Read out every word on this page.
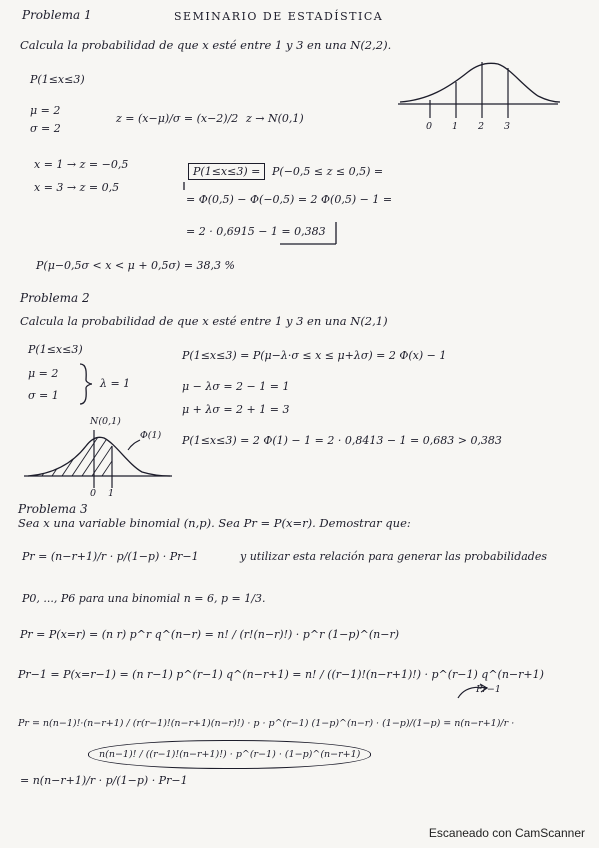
Problema 1	SEMINARIO DE ESTADÍSTICA
Calcula la probabilidad de que x esté entre 1 y 3 en una N(2,2).
P(1≤x≤3)
μ = 2
σ = 2
z = (x−μ)/σ = (x−2)/2 z → N(0,1)
0 1 2 3
x = 1 → z = −0,5
x = 3 → z = 0,5
P(1≤x≤3) =	P(−0,5 ≤ z ≤ 0,5) =
= Φ(0,5) − Φ(−0,5) = 2 Φ(0,5) − 1 =
= 2 · 0,6915 − 1 = 0,383
P(μ−0,5σ < x < μ + 0,5σ) = 38,3 %
Problema 2
Calcula la probabilidad de que x esté entre 1 y 3 en una N(2,1)
P(1≤x≤3)
μ = 2
σ = 1
λ = 1
P(1≤x≤3) = P(μ−λ·σ ≤ x ≤ μ+λσ) = 2 Φ(x) − 1
μ − λσ = 2 − 1 = 1
μ + λσ = 2 + 1 = 3
P(1≤x≤3) = 2 Φ(1) − 1 = 2 · 0,8413 − 1 = 0,683 > 0,383
N(0,1)
Φ(1)
0 1
Problema 3
Sea x una variable binomial (n,p). Sea Pr = P(x=r). Demostrar que:
Pr = (n−r+1)/r · p/(1−p) · Pr−1	y utilizar esta relación para generar las probabilidades
P0, ..., P6 para una binomial n = 6, p = 1/3.
Pr = P(x=r) = (n r) p^r q^(n−r) = n! / (r!(n−r)!) · p^r (1−p)^(n−r)
Pr−1 = P(x=r−1) = (n r−1) p^(r−1) q^(n−r+1) = n! / ((r−1)!(n−r+1)!) · p^(r−1) q^(n−r+1)
Pr−1
Pr = n(n−1)!·(n−r+1) / (r(r−1)!(n−r+1)(n−r)!) · p · p^(r−1) (1−p)^(n−r) · (1−p)/(1−p) = n(n−r+1)/r ·
n(n−1)! / ((r−1)!(n−r+1)!) · p^(r−1) · (1−p)^(n−r+1)
= n(n−r+1)/r · p/(1−p) · Pr−1
Escaneado con CamScanner
